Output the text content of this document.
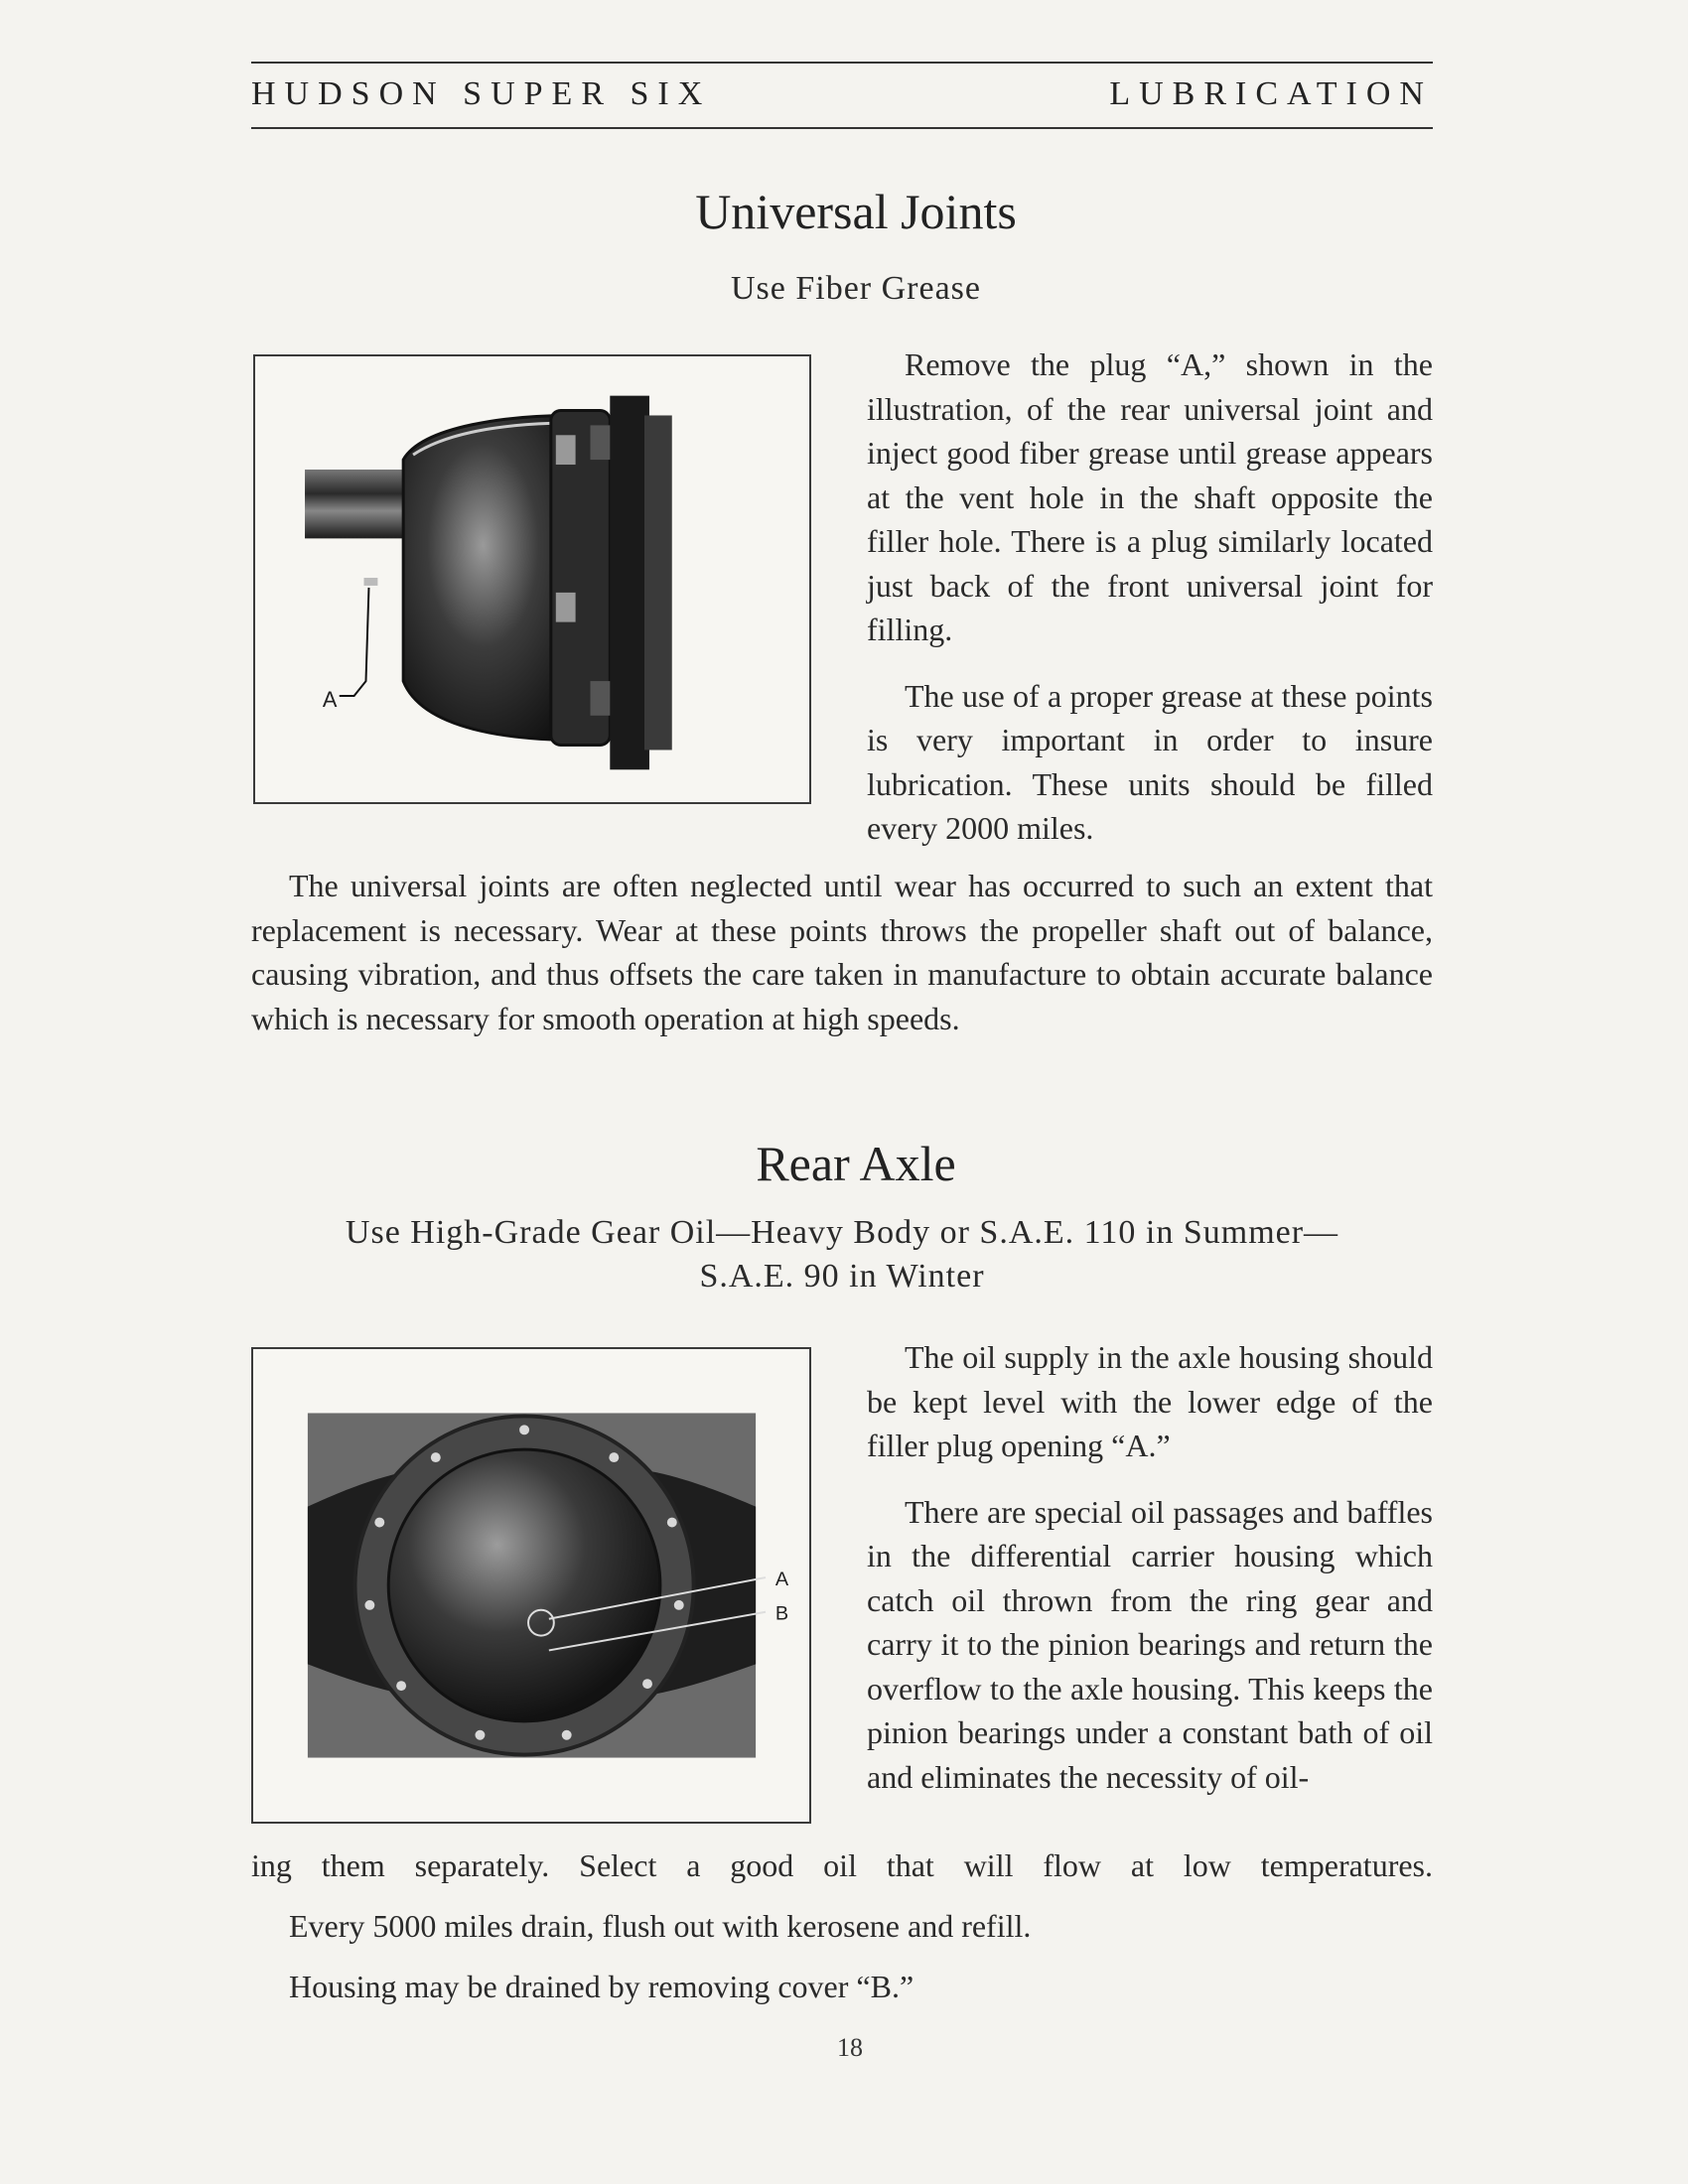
HUDSON SUPER SIX	LUBRICATION
Universal Joints
Use Fiber Grease
A

Remove the plug “A,” shown in the illustration, of the rear universal joint and inject good fiber grease until grease appears at the vent hole in the shaft opposite the filler hole. There is a plug similarly located just back of the front universal joint for filling.

The use of a proper grease at these points is very important in order to insure lubrication. These units should be filled every 2000 miles.

The universal joints are often neglected until wear has occurred to such an extent that replacement is necessary. Wear at these points throws the propeller shaft out of balance, causing vibration, and thus offsets the care taken in manufacture to obtain accurate balance which is necessary for smooth operation at high speeds.

Rear Axle
Use High-Grade Gear Oil—Heavy Body or S.A.E. 110 in Summer—
S.A.E. 90 in Winter
A
B

The oil supply in the axle housing should be kept level with the lower edge of the filler plug opening “A.”

There are special oil passages and baffles in the differential carrier housing which catch oil thrown from the ring gear and carry it to the pinion bearings and return the overflow to the axle housing. This keeps the pinion bearings under a constant bath of oil and eliminates the necessity of oil-

ing them separately. Select a good oil that will flow at low temperatures.
Every 5000 miles drain, flush out with kerosene and refill.
Housing may be drained by removing cover “B.”
18
